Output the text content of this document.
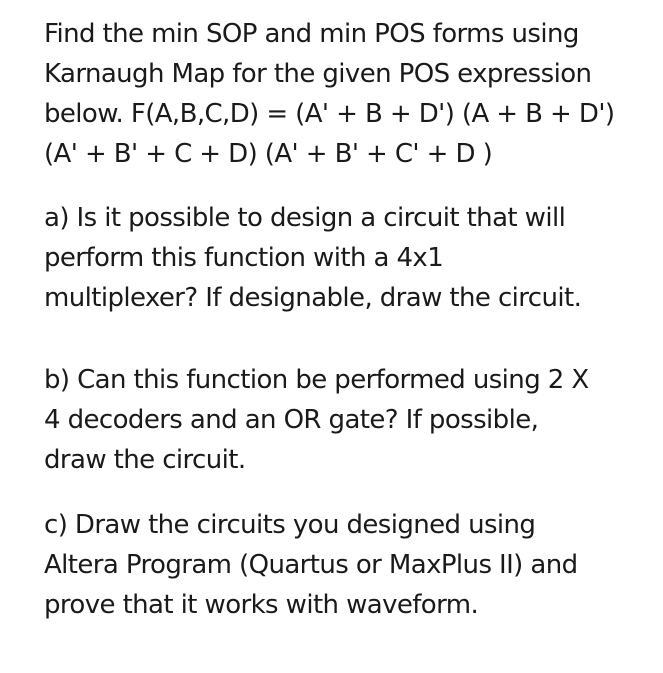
Find the min SOP and min POS forms using
Karnaugh Map for the given POS expression
below. F(A,B,C,D) = (A' + B + D') (A + B + D')
(A' + B' + C + D) (A' + B' + C' + D )
a) Is it possible to design a circuit that will
perform this function with a 4x1
multiplexer? If designable, draw the circuit.
b) Can this function be performed using 2 X
4 decoders and an OR gate? If possible,
draw the circuit.
c) Draw the circuits you designed using
Altera Program (Quartus or MaxPlus II) and
prove that it works with waveform.
